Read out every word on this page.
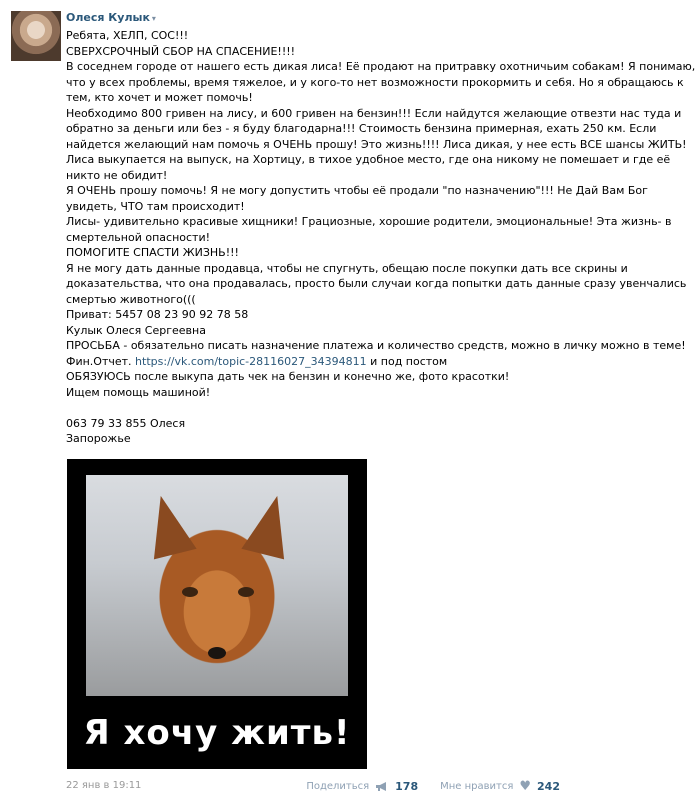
Олеся Кулык ▾
Ребята, ХЕЛП, СОС!!!
СВЕРХСРОЧНЫЙ СБОР НА СПАСЕНИЕ!!!!
В соседнем городе от нашего есть дикая лиса! Её продают на притравку охотничьим собакам! Я понимаю,
что у всех проблемы, время тяжелое, и у кого-то нет возможности прокормить и себя. Но я обращаюсь к
тем, кто хочет и может помочь!
Необходимо 800 гривен на лису, и 600 гривен на бензин!!! Если найдутся желающие отвезти нас туда и
обратно за деньги или без - я буду благодарна!!! Стоимость бензина примерная, ехать 250 км. Если
найдется желающий нам помочь я ОЧЕНЬ прошу! Это жизнь!!!! Лиса дикая, у нее есть ВСЕ шансы ЖИТЬ!
Лиса выкупается на выпуск, на Хортицу, в тихое удобное место, где она никому не помешает и где её
никто не обидит!
Я ОЧЕНЬ прошу помочь! Я не могу допустить чтобы её продали "по назначению"!!! Не Дай Вам Бог
увидеть, ЧТО там происходит!
Лисы- удивительно красивые хищники! Грациозные, хорошие родители, эмоциональные! Эта жизнь- в
смертельной опасности!
ПОМОГИТЕ СПАСТИ ЖИЗНЬ!!!
Я не могу дать данные продавца, чтобы не спугнуть, обещаю после покупки дать все скрины и
доказательства, что она продавалась, просто были случаи когда попытки дать данные сразу увенчались
смертью животного(((
Приват: 5457 08 23 90 92 78 58
Кулык Олеся Сергеевна
ПРОСЬБА - обязательно писать назначение платежа и количество средств, можно в личку можно в теме!
Фин.Отчет. https://vk.com/topic-28116027_34394811 и под постом
ОБЯЗУЮСЬ после выкупа дать чек на бензин и конечно же, фото красотки!
Ищем помощь машиной!
063 79 33 855 Олеся
Запорожье
Я хочу жить!
22 янв в 19:11	Поделиться 178 Мне нравится ♥ 242
